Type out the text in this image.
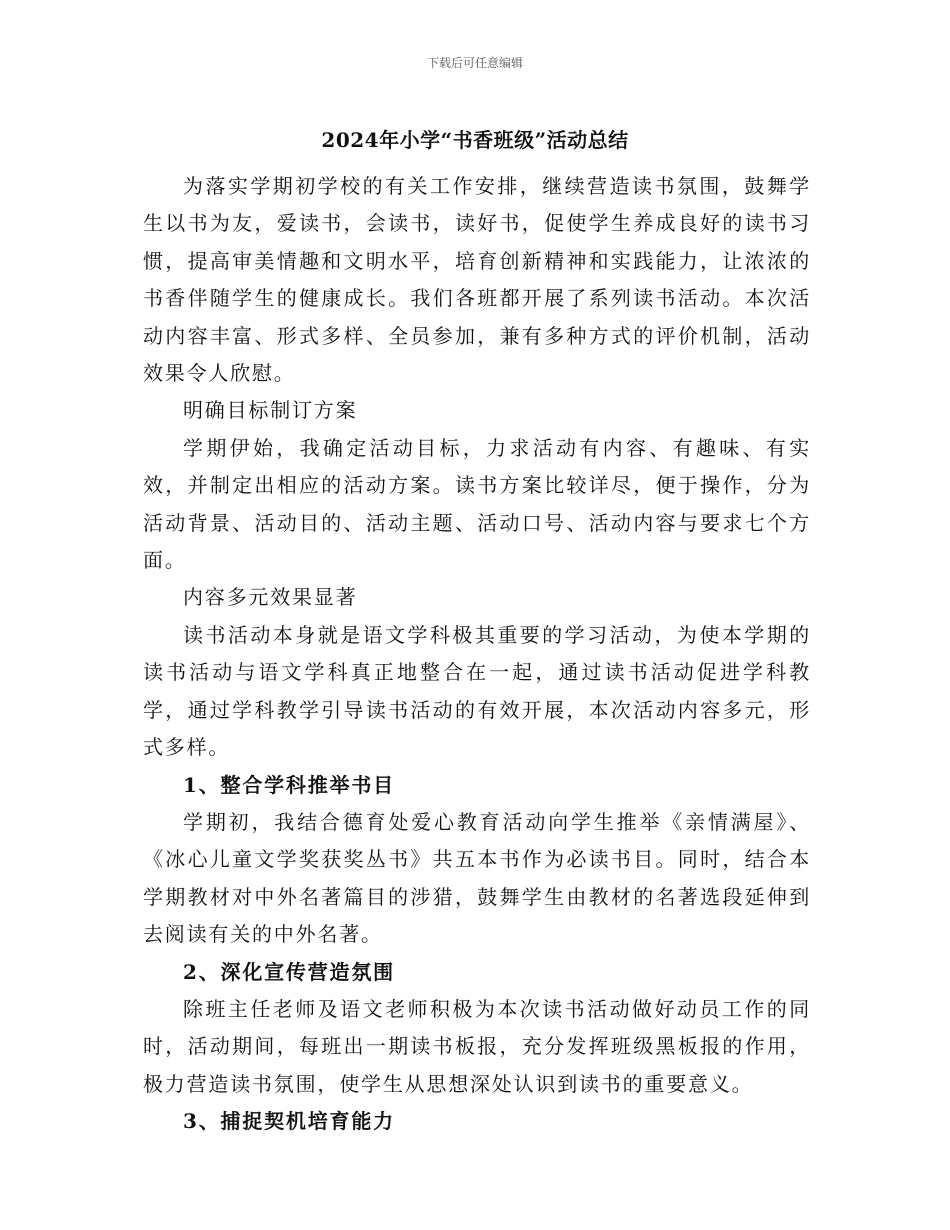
下载后可任意编辑
2024年小学“书香班级”活动总结

为落实学期初学校的有关工作安排，继续营造读书氛围，鼓舞学生以书为友，爱读书，会读书，读好书，促使学生养成良好的读书习惯，提高审美情趣和文明水平，培育创新精神和实践能力，让浓浓的书香伴随学生的健康成长。我们各班都开展了系列读书活动。本次活动内容丰富、形式多样、全员参加，兼有多种方式的评价机制，活动效果令人欣慰。

明确目标制订方案

学期伊始，我确定活动目标，力求活动有内容、有趣味、有实效，并制定出相应的活动方案。读书方案比较详尽，便于操作，分为活动背景、活动目的、活动主题、活动口号、活动内容与要求七个方面。

内容多元效果显著

读书活动本身就是语文学科极其重要的学习活动，为使本学期的读书活动与语文学科真正地整合在一起，通过读书活动促进学科教学，通过学科教学引导读书活动的有效开展，本次活动内容多元，形式多样。

1、整合学科推举书目

学期初，我结合德育处爱心教育活动向学生推举《亲情满屋》、《冰心儿童文学奖获奖丛书》共五本书作为必读书目。同时，结合本学期教材对中外名著篇目的涉猎，鼓舞学生由教材的名著选段延伸到去阅读有关的中外名著。

2、深化宣传营造氛围

除班主任老师及语文老师积极为本次读书活动做好动员工作的同时，活动期间，每班出一期读书板报，充分发挥班级黑板报的作用，极力营造读书氛围，使学生从思想深处认识到读书的重要意义。

3、捕捉契机培育能力
